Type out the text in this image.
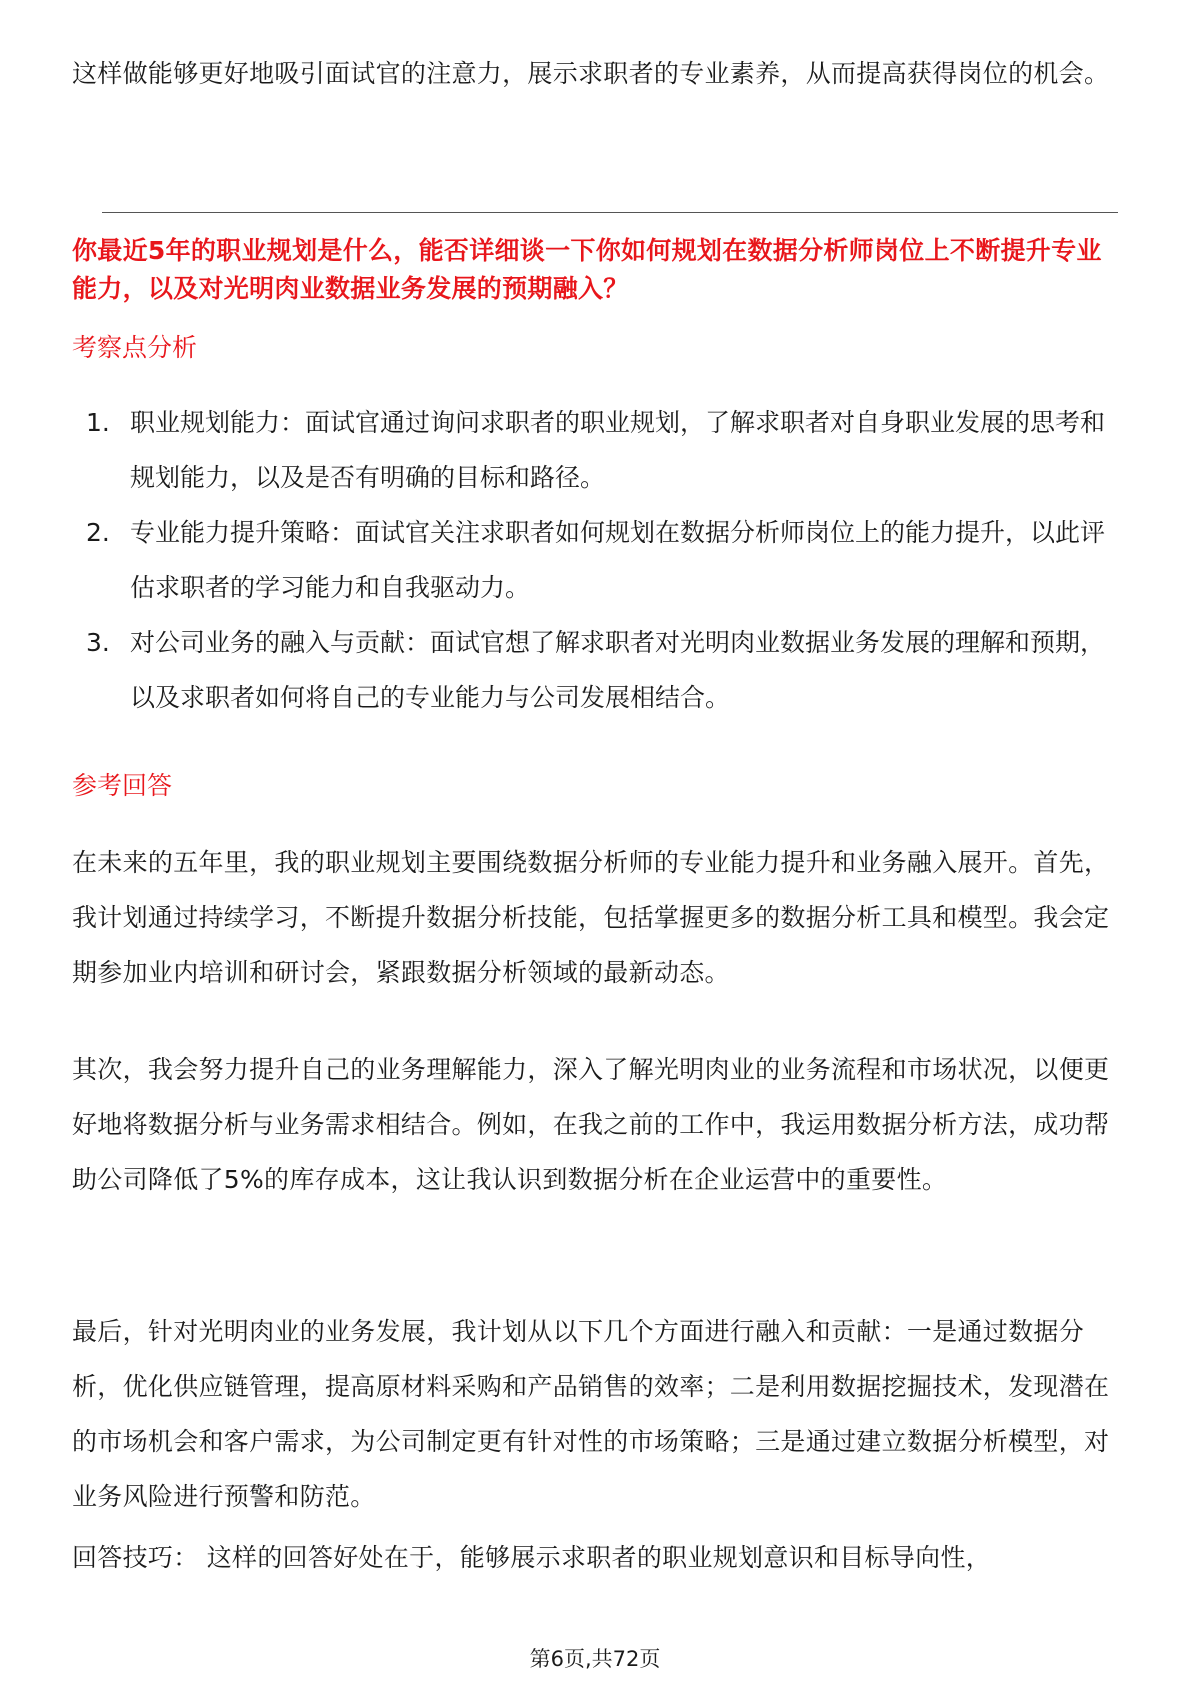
这样做能够更好地吸引面试官的注意力，展示求职者的专业素养，从而提高获得岗位的机会。

你最近5年的职业规划是什么，能否详细谈一下你如何规划在数据分析师岗位上不断提升专业能力，以及对光明肉业数据业务发展的预期融入？

考察点分析
1. 职业规划能力：面试官通过询问求职者的职业规划，了解求职者对自身职业发展的思考和规划能力，以及是否有明确的目标和路径。
2. 专业能力提升策略：面试官关注求职者如何规划在数据分析师岗位上的能力提升，以此评估求职者的学习能力和自我驱动力。
3. 对公司业务的融入与贡献：面试官想了解求职者对光明肉业数据业务发展的理解和预期，以及求职者如何将自己的专业能力与公司发展相结合。
参考回答

在未来的五年里，我的职业规划主要围绕数据分析师的专业能力提升和业务融入展开。首先，我计划通过持续学习，不断提升数据分析技能，包括掌握更多的数据分析工具和模型。我会定期参加业内培训和研讨会，紧跟数据分析领域的最新动态。

其次，我会努力提升自己的业务理解能力，深入了解光明肉业的业务流程和市场状况，以便更好地将数据分析与业务需求相结合。例如，在我之前的工作中，我运用数据分析方法，成功帮助公司降低了5%的库存成本，这让我认识到数据分析在企业运营中的重要性。

最后，针对光明肉业的业务发展，我计划从以下几个方面进行融入和贡献：一是通过数据分析，优化供应链管理，提高原材料采购和产品销售的效率；二是利用数据挖掘技术，发现潜在的市场机会和客户需求，为公司制定更有针对性的市场策略；三是通过建立数据分析模型，对业务风险进行预警和防范。

回答技巧： 这样的回答好处在于，能够展示求职者的职业规划意识和目标导向性，

第6页,共72页
